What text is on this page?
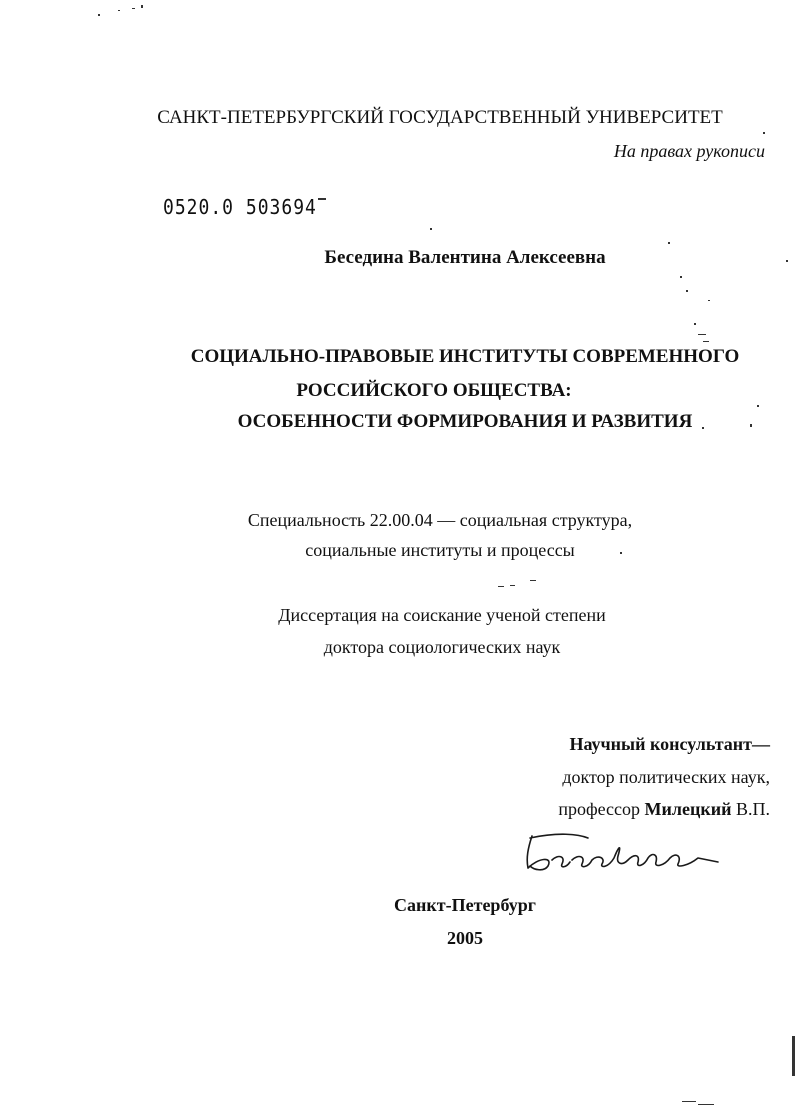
САНКТ-ПЕТЕРБУРГСКИЙ ГОСУДАРСТВЕННЫЙ УНИВЕРСИТЕТ
На правах рукописи
0520.0 503694
Беседина Валентина Алексеевна
СОЦИАЛЬНО-ПРАВОВЫЕ ИНСТИТУТЫ СОВРЕМЕННОГО
РОССИЙСКОГО ОБЩЕСТВА:
ОСОБЕННОСТИ ФОРМИРОВАНИЯ И РАЗВИТИЯ
Специальность 22.00.04 — социальная структура,
социальные институты и процессы
Диссертация на соискание ученой степени
доктора социологических наук
Научный консультант—
доктор политических наук,
профессор Милецкий В.П.
Санкт-Петербург
2005
